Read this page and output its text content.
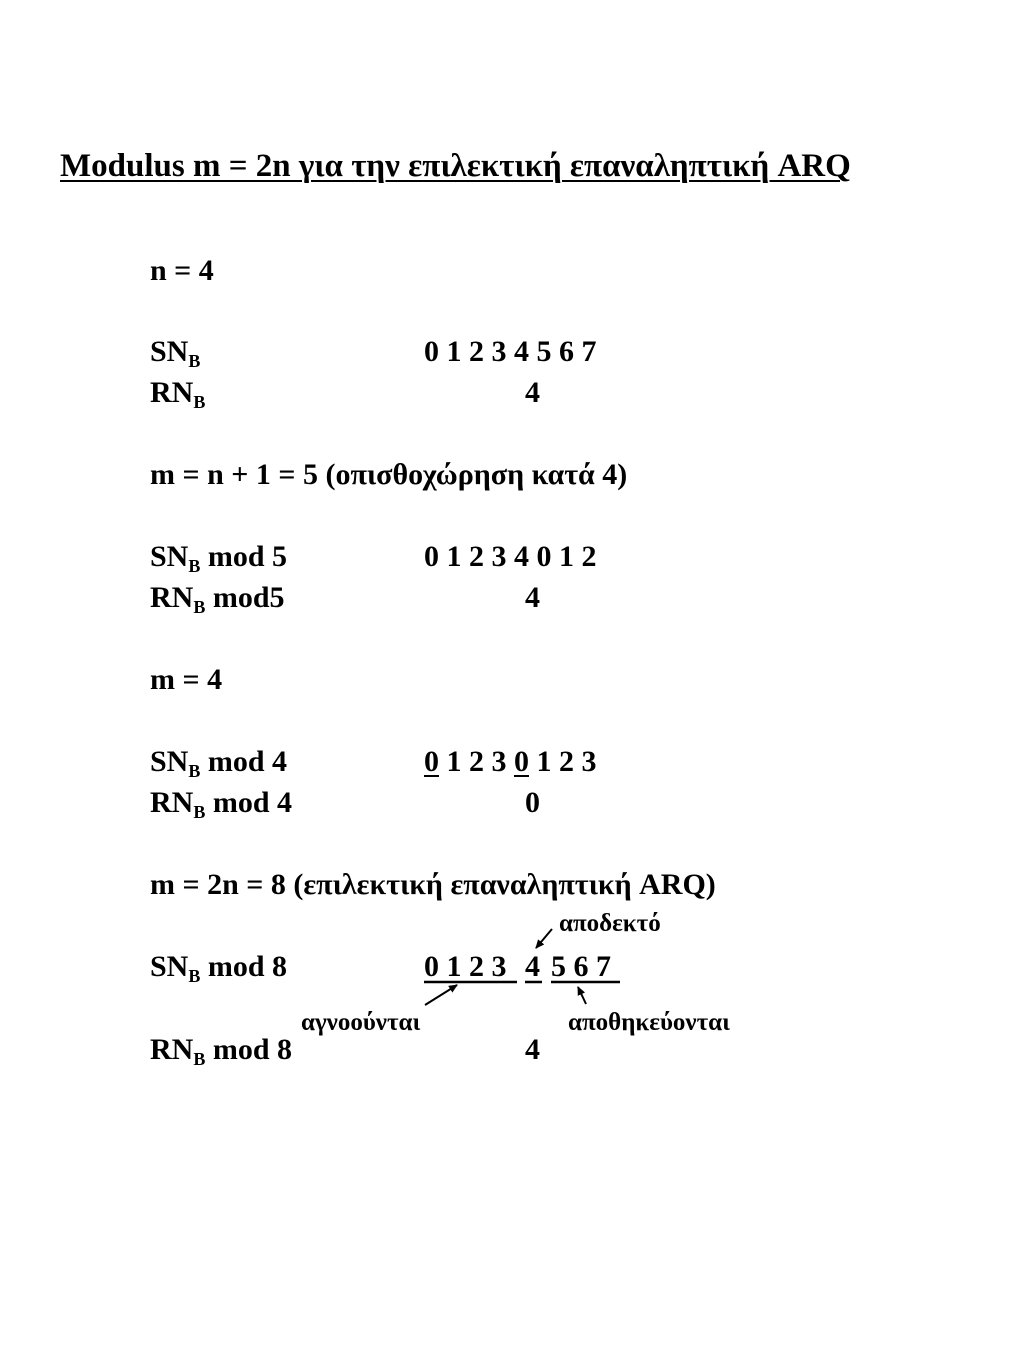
Modulus m = 2n για την επιλεκτική επαναληπτική ARQ
n = 4
$SN_B$	0 1 2 3 4 5 6 7
$RN_B$	4
m = n + 1 = 5 (οπισθοχώρηση κατά 4)
$SN_B$ mod 5	0 1 2 3 4 0 1 2
$RN_B$ mod5	4
m = 4
$SN_B$ mod 4	0 1 2 3 0 1 2 3
$RN_B$ mod 4	0
m = 2n = 8 (επιλεκτική επαναληπτική ARQ)
αποδεκτό
$SN_B$ mod 8	0 1 2 3 4 5 6 7
αγνοούνται	αποθηκεύονται
$RN_B$ mod 8	4
